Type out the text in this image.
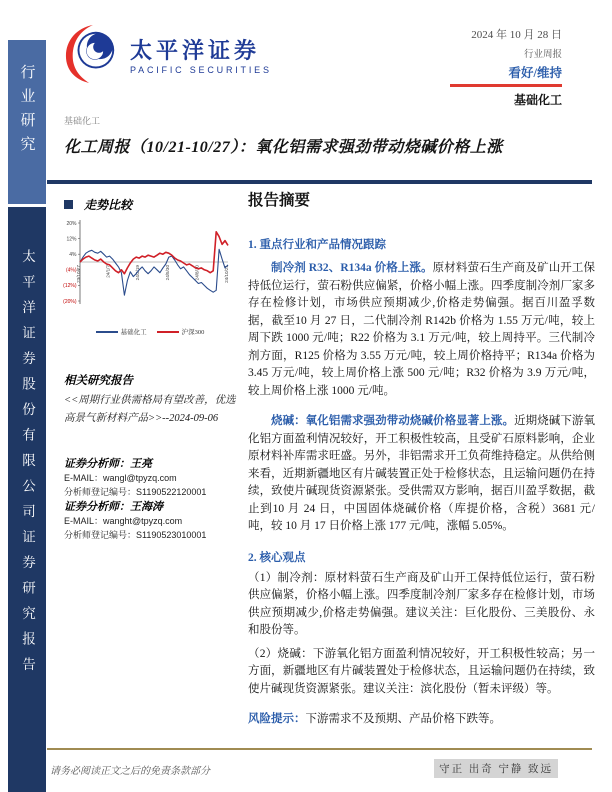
行业研究
太平洋证券股份有限公司证券研究报告
太平洋证券
PACIFIC SECURITIES
2024 年 10 月 28 日
行业周报
看好/维持
基础化工
基础化工
化工周报（10/21-10/27）：氧化铝需求强劲带动烧碱价格上涨
走势比较
20%
12%
4%
(4%)
(12%)
(20%)
23/10/27	24/1/7	24/3/19	24/5/30	24/8/10	24/10/21
基础化工	沪深300
相关研究报告
<<周期行业供需格局有望改善，优选高景气新材料产品>>--2024-09-06
证券分析师：王亮
E-MAIL：wangl@tpyzq.com
分析师登记编号：S1190522120001
证券分析师：王海涛
E-MAIL：wanght@tpyzq.com
分析师登记编号：S1190523010001
报告摘要
1. 重点行业和产品情况跟踪

制冷剂 R32、R134a 价格上涨。原材料萤石生产商及矿山开工保持低位运行，萤石粉供应偏紧，价格小幅上涨。四季度制冷剂厂家多存在检修计划，市场供应预期减少,价格走势偏强。据百川盈孚数据，截至10 月 27 日，二代制冷剂 R142b 价格为 1.55 万元/吨，较上周下跌 1000 元/吨；R22 价格为 3.1 万元/吨，较上周持平。三代制冷剂方面，R125 价格为 3.55 万元/吨，较上周价格持平；R134a 价格为 3.45 万元/吨，较上周价格上涨 500 元/吨；R32 价格为 3.9 万元/吨，较上周价格上涨 1000 元/吨。

烧碱：氧化铝需求强劲带动烧碱价格显著上涨。近期烧碱下游氧化铝方面盈利情况较好，开工积极性较高，且受矿石原料影响，企业原材料补库需求旺盛。另外，非铝需求开工负荷维持稳定。从供给侧来看，近期新疆地区有片碱装置正处于检修状态，且运输问题仍在持续，致使片碱现货资源紧张。受供需双方影响，据百川盈孚数据，截止到10 月 24 日，中国固体烧碱价格（库提价格，含税）3681 元/吨，较 10 月 17 日价格上涨 177 元/吨，涨幅 5.05%。

2. 核心观点

（1）制冷剂：原材料萤石生产商及矿山开工保持低位运行，萤石粉供应偏紧，价格小幅上涨。四季度制冷剂厂家多存在检修计划，市场供应预期减少,价格走势偏强。建议关注：巨化股份、三美股份、永和股份等。

（2）烧碱：下游氧化铝方面盈利情况较好，开工积极性较高；另一方面，新疆地区有片碱装置处于检修状态，且运输问题仍在持续，致使片碱现货资源紧张。建议关注：滨化股份（暂未评级）等。

风险提示：下游需求不及预期、产品价格下跌等。

请务必阅读正文之后的免责条款部分	守正 出奇 宁静 致远
